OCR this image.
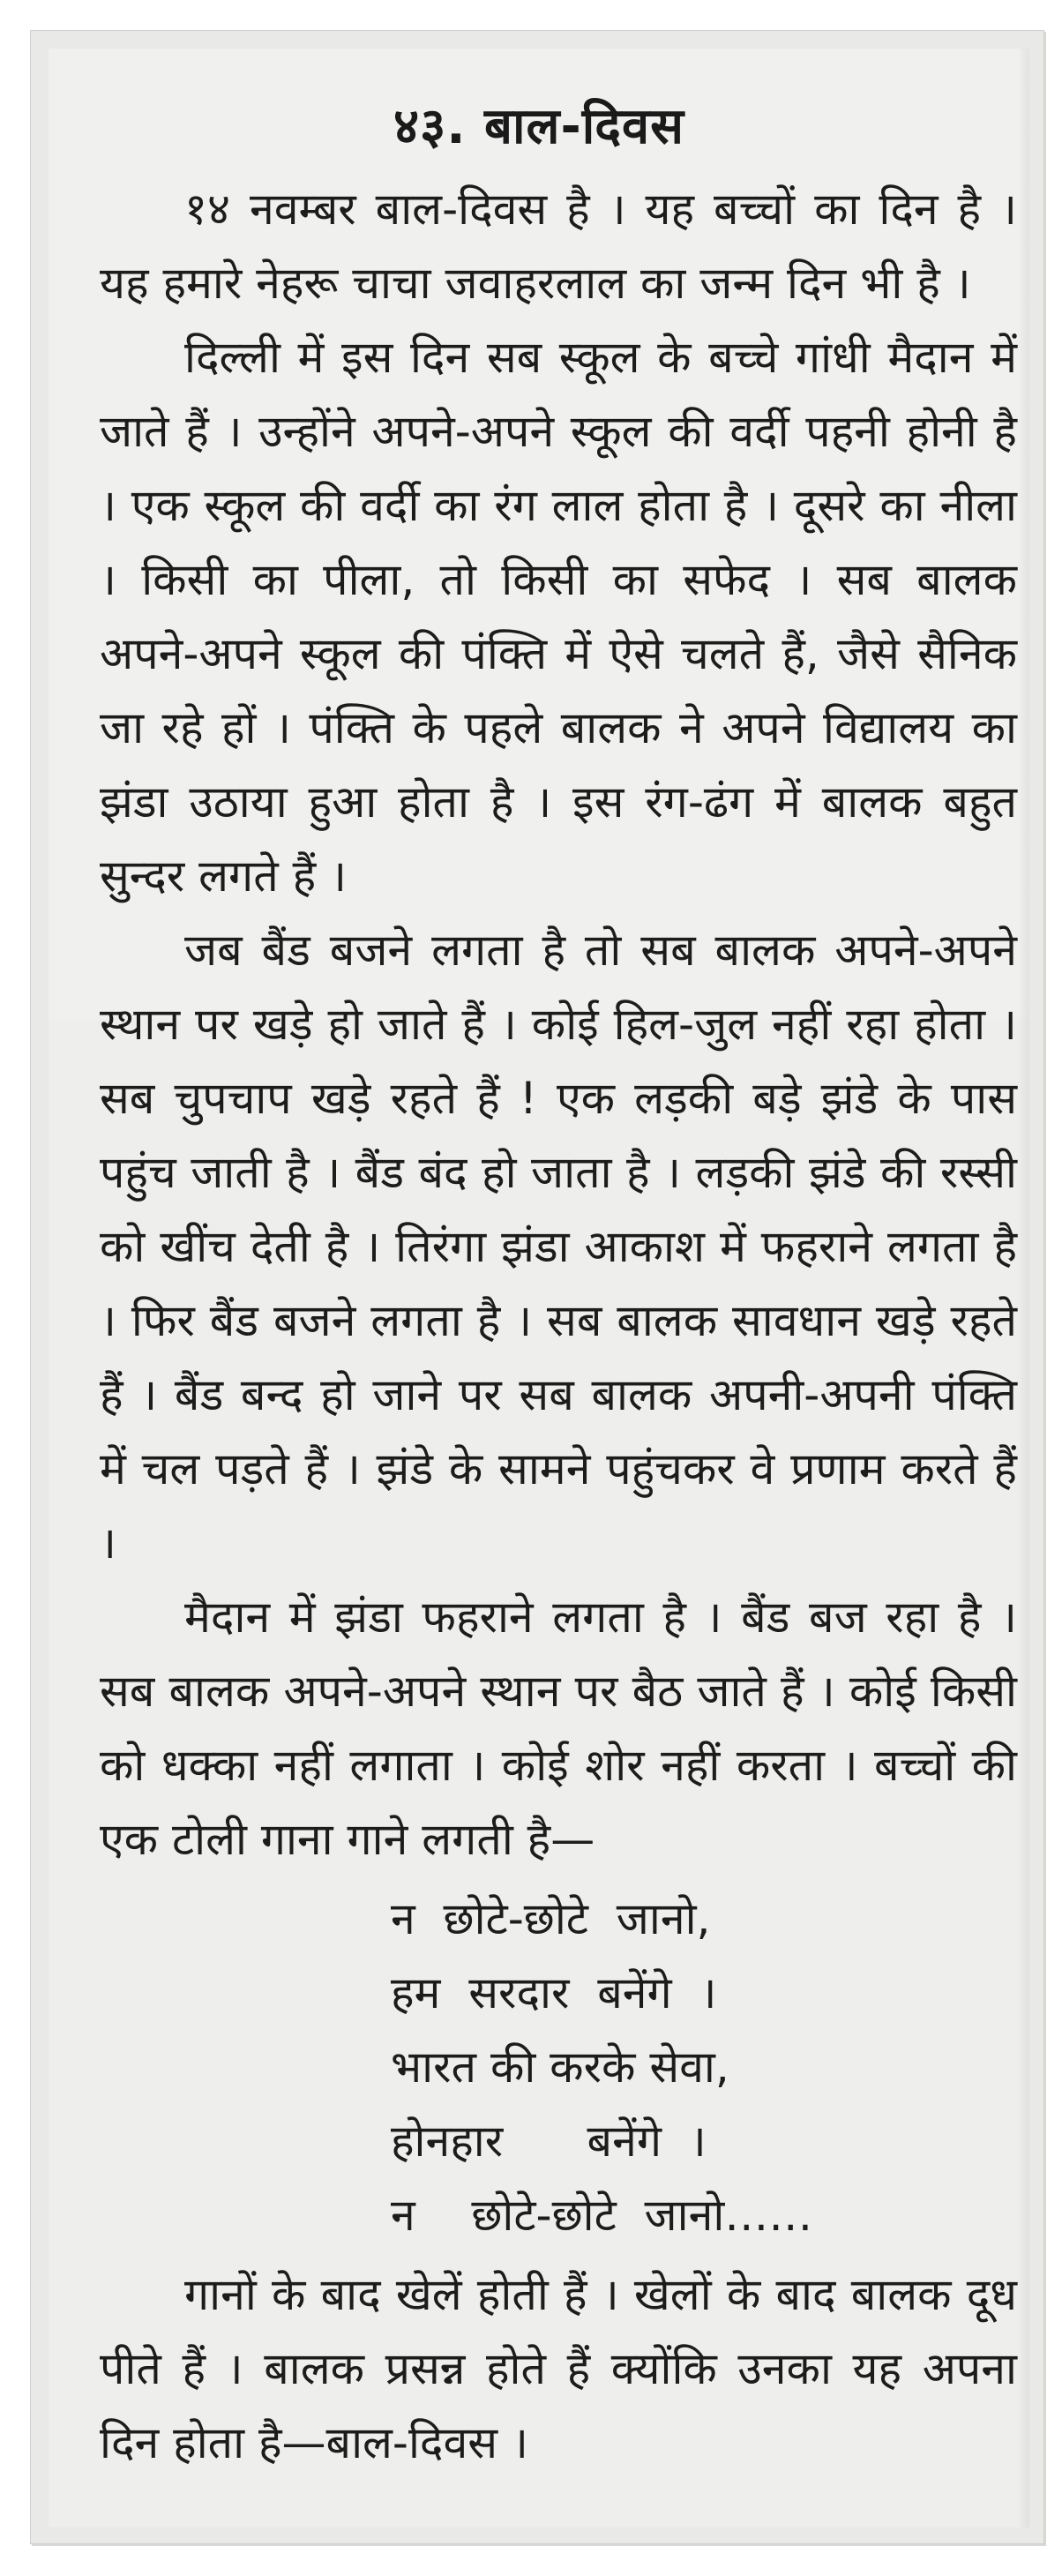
४३. बाल-दिवस

१४ नवम्बर बाल-दिवस है । यह बच्चों का दिन है । यह हमारे नेहरू चाचा जवाहरलाल का जन्म दिन भी है ।

दिल्ली में इस दिन सब स्कूल के बच्चे गांधी मैदान में जाते हैं । उन्होंने अपने-अपने स्कूल की वर्दी पहनी होनी है । एक स्कूल की वर्दी का रंग लाल होता है । दूसरे का नीला । किसी का पीला, तो किसी का सफेद । सब बालक अपने-अपने स्कूल की पंक्ति में ऐसे चलते हैं, जैसे सैनिक जा रहे हों । पंक्ति के पहले बालक ने अपने विद्यालय का झंडा उठाया हुआ होता है । इस रंग-ढंग में बालक बहुत सुन्दर लगते हैं ।

जब बैंड बजने लगता है तो सब बालक अपने-अपने स्थान पर खड़े हो जाते हैं । कोई हिल-जुल नहीं रहा होता । सब चुपचाप खड़े रहते हैं ! एक लड़की बड़े झंडे के पास पहुंच जाती है । बैंड बंद हो जाता है । लड़की झंडे की रस्सी को खींच देती है । तिरंगा झंडा आकाश में फहराने लगता है । फिर बैंड बजने लगता है । सब बालक सावधान खड़े रहते हैं । बैंड बन्द हो जाने पर सब बालक अपनी-अपनी पंक्ति में चल पड़ते हैं । झंडे के सामने पहुंचकर वे प्रणाम करते हैं ।

मैदान में झंडा फहराने लगता है । बैंड बज रहा है । सब बालक अपने-अपने स्थान पर बैठ जाते हैं । कोई किसी को धक्का नहीं लगाता । कोई शोर नहीं करता । बच्चों की एक टोली गाना गाने लगती है—

न  छोटे-छोटे  जानो,
हम  सरदार  बनेंगे  ।
भारत की करके सेवा,
होनहार      बनेंगे  ।
न    छोटे-छोटे  जानो……

गानों के बाद खेलें होती हैं । खेलों के बाद बालक दूध पीते हैं । बालक प्रसन्न होते हैं क्योंकि उनका यह अपना दिन होता है—बाल-दिवस ।
